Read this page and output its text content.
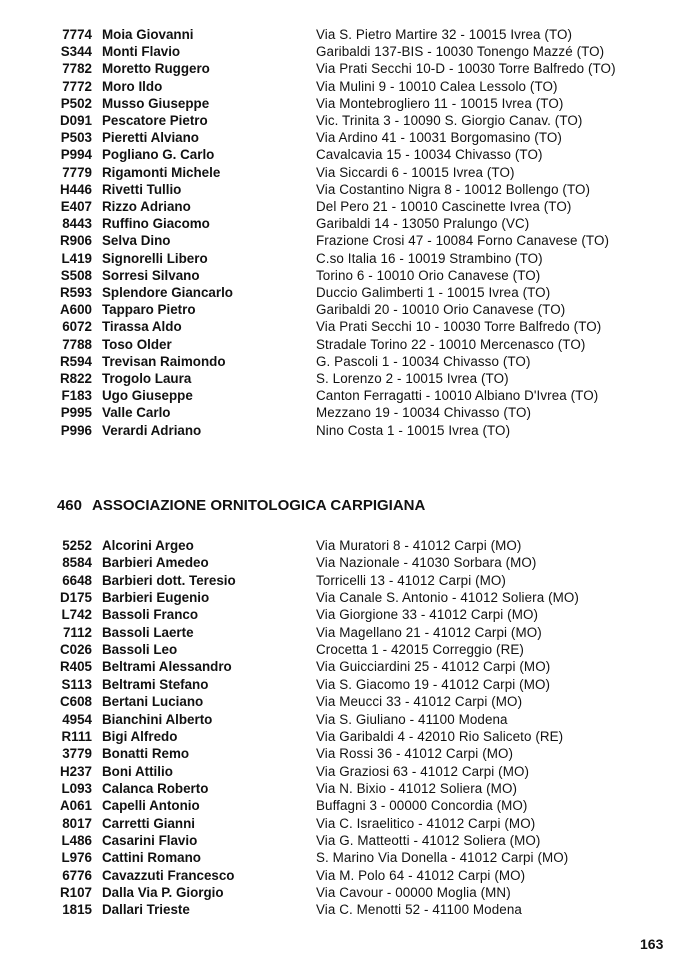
7774 Moia Giovanni	Via S. Pietro Martire 32 - 10015 Ivrea (TO)
S344 Monti Flavio	Garibaldi 137-BIS - 10030 Tonengo Mazzé (TO)
7782 Moretto Ruggero	Via Prati Secchi 10-D - 10030 Torre Balfredo (TO)
7772 Moro Ildo	Via Mulini 9 - 10010 Calea Lessolo (TO)
P502 Musso Giuseppe	Via Montebrogliero 11 - 10015 Ivrea (TO)
D091 Pescatore Pietro	Vic. Trinita 3 - 10090 S. Giorgio Canav. (TO)
P503 Pieretti Alviano	Via Ardino 41 - 10031 Borgomasino (TO)
P994 Pogliano G. Carlo	Cavalcavia 15 - 10034 Chivasso (TO)
7779 Rigamonti Michele	Via Siccardi 6 - 10015 Ivrea (TO)
H446 Rivetti Tullio	Via Costantino Nigra 8 - 10012 Bollengo (TO)
E407 Rizzo Adriano	Del Pero 21 - 10010 Cascinette Ivrea (TO)
8443 Ruffino Giacomo	Garibaldi 14 - 13050 Pralungo (VC)
R906 Selva Dino	Frazione Crosi 47 - 10084 Forno Canavese (TO)
L419 Signorelli Libero	C.so Italia 16 - 10019 Strambino (TO)
S508 Sorresi Silvano	Torino 6 - 10010 Orio Canavese (TO)
R593 Splendore Giancarlo	Duccio Galimberti 1 - 10015 Ivrea (TO)
A600 Tapparo Pietro	Garibaldi 20 - 10010 Orio Canavese (TO)
6072 Tirassa Aldo	Via Prati Secchi 10 - 10030 Torre Balfredo (TO)
7788 Toso Older	Stradale Torino 22 - 10010 Mercenasco (TO)
R594 Trevisan Raimondo	G. Pascoli 1 - 10034 Chivasso (TO)
R822 Trogolo Laura	S. Lorenzo 2 - 10015 Ivrea (TO)
F183 Ugo Giuseppe	Canton Ferragatti - 10010 Albiano D'Ivrea (TO)
P995 Valle Carlo	Mezzano 19 - 10034 Chivasso (TO)
P996 Verardi Adriano	Nino Costa 1 - 10015 Ivrea (TO)
460 ASSOCIAZIONE ORNITOLOGICA CARPIGIANA
5252 Alcorini Argeo	Via Muratori 8 - 41012 Carpi (MO)
8584 Barbieri Amedeo	Via Nazionale - 41030 Sorbara (MO)
6648 Barbieri dott. Teresio	Torricelli 13 - 41012 Carpi (MO)
D175 Barbieri Eugenio	Via Canale S. Antonio - 41012 Soliera (MO)
L742 Bassoli Franco	Via Giorgione 33 - 41012 Carpi (MO)
7112 Bassoli Laerte	Via Magellano 21 - 41012 Carpi (MO)
C026 Bassoli Leo	Crocetta 1 - 42015 Correggio (RE)
R405 Beltrami Alessandro	Via Guicciardini 25 - 41012 Carpi (MO)
S113 Beltrami Stefano	Via S. Giacomo 19 - 41012 Carpi (MO)
C608 Bertani Luciano	Via Meucci 33 - 41012 Carpi (MO)
4954 Bianchini Alberto	Via S. Giuliano - 41100 Modena
R111 Bigi Alfredo	Via Garibaldi 4 - 42010 Rio Saliceto (RE)
3779 Bonatti Remo	Via Rossi 36 - 41012 Carpi (MO)
H237 Boni Attilio	Via Graziosi 63 - 41012 Carpi (MO)
L093 Calanca Roberto	Via N. Bixio - 41012 Soliera (MO)
A061 Capelli Antonio	Buffagni 3 - 00000 Concordia (MO)
8017 Carretti Gianni	Via C. Israelitico - 41012 Carpi (MO)
L486 Casarini Flavio	Via G. Matteotti - 41012 Soliera (MO)
L976 Cattini Romano	S. Marino Via Donella - 41012 Carpi (MO)
6776 Cavazzuti Francesco	Via M. Polo 64 - 41012 Carpi (MO)
R107 Dalla Via P. Giorgio	Via Cavour - 00000 Moglia (MN)
1815 Dallari Trieste	Via C. Menotti 52 - 41100 Modena
163
